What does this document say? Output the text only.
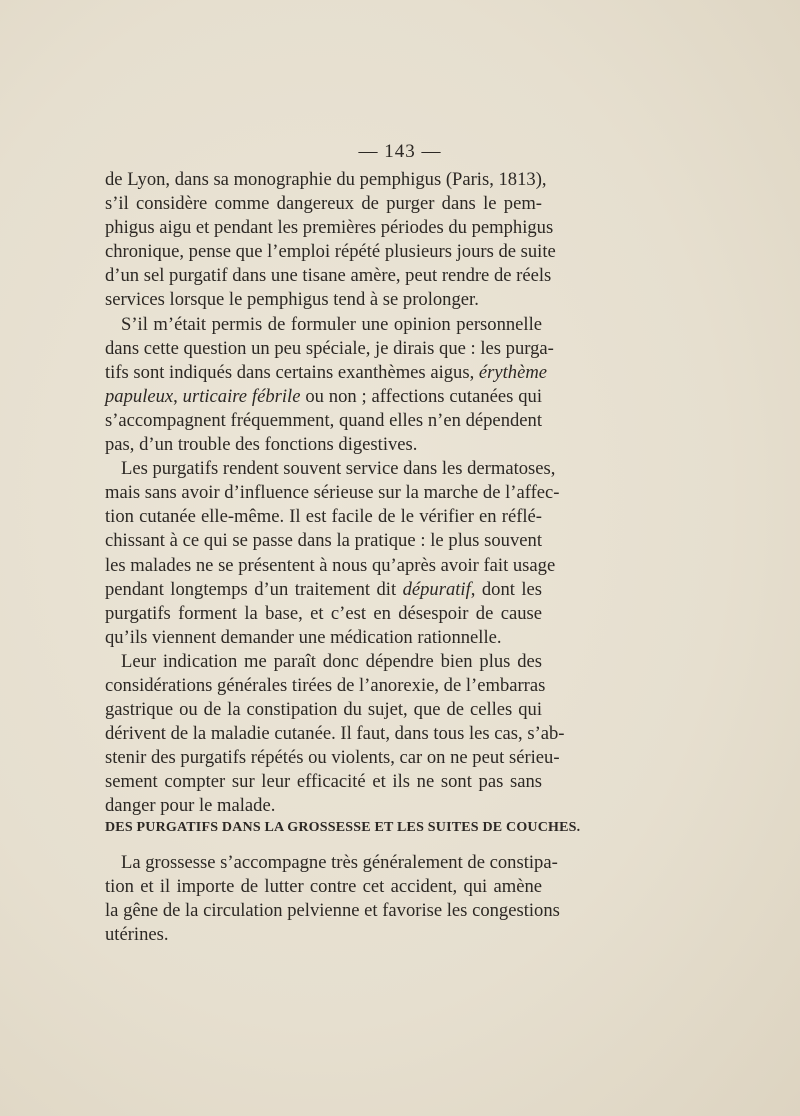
— 143 —
de Lyon, dans sa monographie du pemphigus (Paris, 1813),
s’il considère comme dangereux de purger dans le pem-
phigus aigu et pendant les premières périodes du pemphigus
chronique, pense que l’emploi répété plusieurs jours de suite
d’un sel purgatif dans une tisane amère, peut rendre de réels
services lorsque le pemphigus tend à se prolonger.
S’il m’était permis de formuler une opinion personnelle
dans cette question un peu spéciale, je dirais que : les purga-
tifs sont indiqués dans certains exanthèmes aigus, érythème
papuleux, urticaire fébrile ou non ; affections cutanées qui
s’accompagnent fréquemment, quand elles n’en dépendent
pas, d’un trouble des fonctions digestives.
Les purgatifs rendent souvent service dans les dermatoses,
mais sans avoir d’influence sérieuse sur la marche de l’affec-
tion cutanée elle-même. Il est facile de le vérifier en réflé-
chissant à ce qui se passe dans la pratique : le plus souvent
les malades ne se présentent à nous qu’après avoir fait usage
pendant longtemps d’un traitement dit dépuratif, dont les
purgatifs forment la base, et c’est en désespoir de cause
qu’ils viennent demander une médication rationnelle.
Leur indication me paraît donc dépendre bien plus des
considérations générales tirées de l’anorexie, de l’embarras
gastrique ou de la constipation du sujet, que de celles qui
dérivent de la maladie cutanée. Il faut, dans tous les cas, s’ab-
stenir des purgatifs répétés ou violents, car on ne peut sérieu-
sement compter sur leur efficacité et ils ne sont pas sans
danger pour le malade.
DES PURGATIFS DANS LA GROSSESSE ET LES SUITES DE COUCHES.
La grossesse s’accompagne très généralement de constipa-
tion et il importe de lutter contre cet accident, qui amène
la gêne de la circulation pelvienne et favorise les congestions
utérines.
